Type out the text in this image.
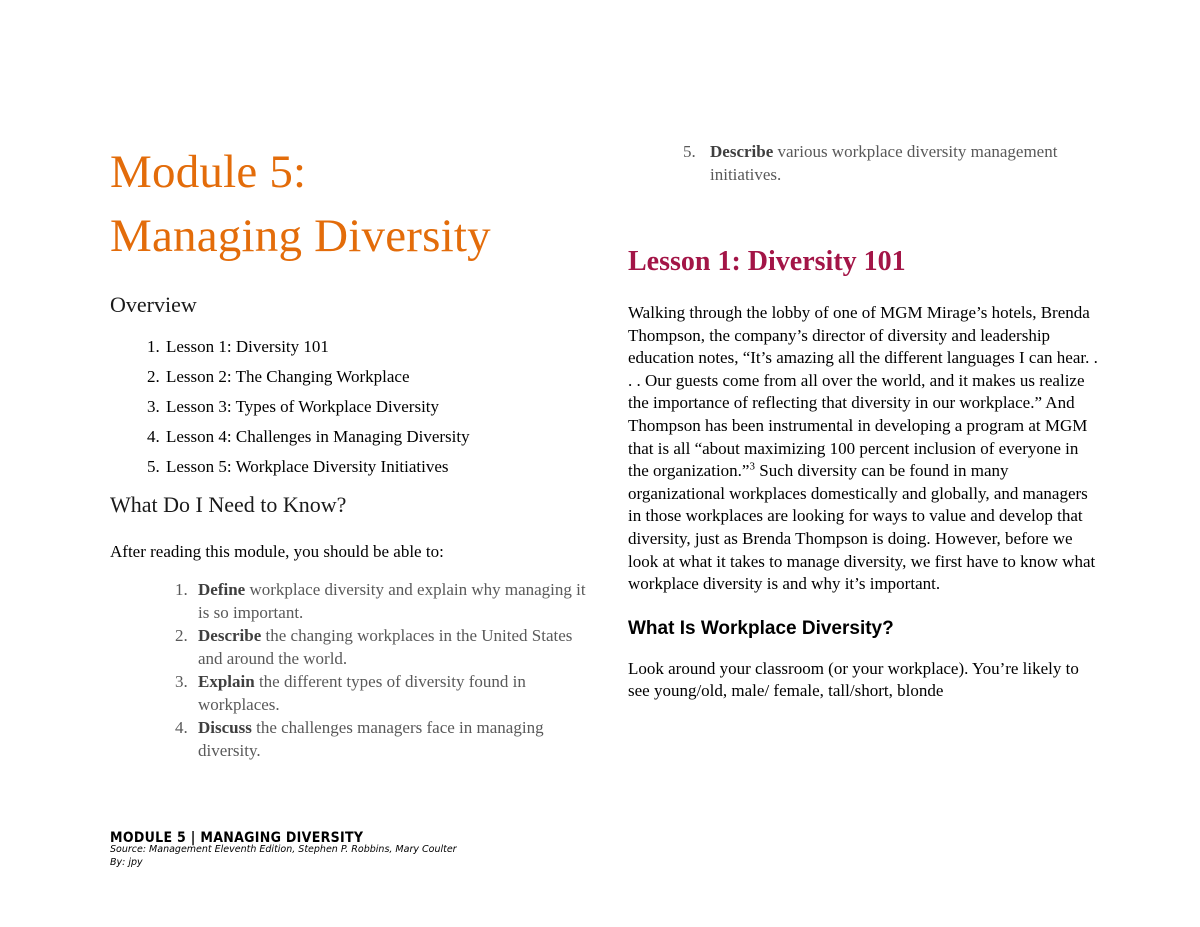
Module 5:
Managing Diversity
Overview
1. Lesson 1: Diversity 101
2. Lesson 2: The Changing Workplace
3. Lesson 3: Types of Workplace Diversity
4. Lesson 4: Challenges in Managing Diversity
5. Lesson 5: Workplace Diversity Initiatives
What Do I Need to Know?

After reading this module, you should be able to:

1. Define workplace diversity and explain why managing it is so important.
2. Describe the changing workplaces in the United States and around the world.
3. Explain the different types of diversity found in workplaces.
4. Discuss the challenges managers face in managing diversity.
5. Describe various workplace diversity management initiatives.
Lesson 1: Diversity 101

Walking through the lobby of one of MGM Mirage’s hotels, Brenda Thompson, the company’s director of diversity and leadership education notes, “It’s amazing all the different languages I can hear. . . . Our guests come from all over the world, and it makes us realize the importance of reflecting that diversity in our workplace.” And Thompson has been instrumental in developing a program at MGM that is all “about maximizing 100 percent inclusion of everyone in the organization.”$^3$ Such diversity can be found in many organizational workplaces domestically and globally, and managers in those workplaces are looking for ways to value and develop that diversity, just as Brenda Thompson is doing. However, before we look at what it takes to manage diversity, we first have to know what workplace diversity is and why it’s important.

What Is Workplace Diversity?

Look around your classroom (or your workplace). You’re likely to see young/old, male/ female, tall/short, blonde

MODULE 5 | MANAGING DIVERSITY
Source: Management Eleventh Edition, Stephen P. Robbins, Mary Coulter
By: jpy
